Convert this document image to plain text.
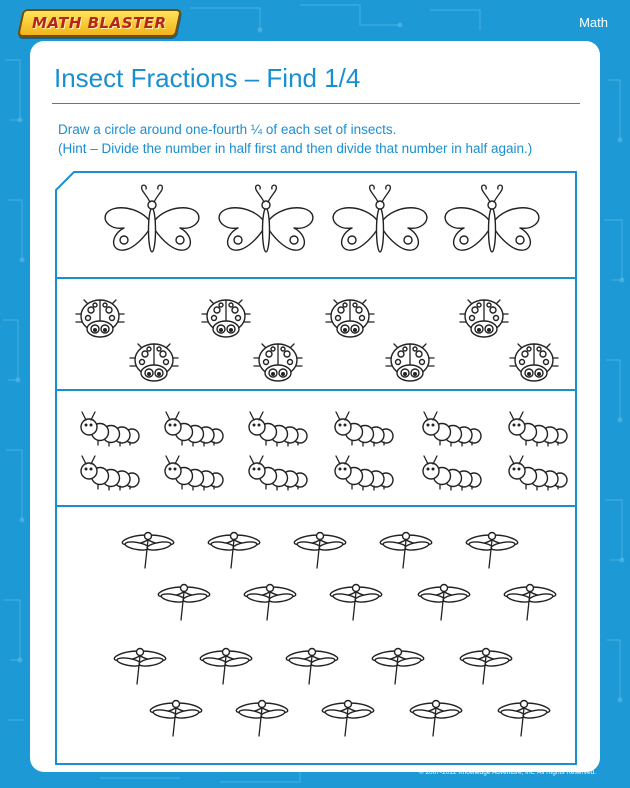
MATH BLASTER	Math
Insect Fractions – Find 1/4
Draw a circle around one-fourth ¼ of each set of insects.
(Hint – Divide the number in half first and then divide that number in half again.)
© 2007-2012 Knowledge Adventure, Inc. All Rights Reserved.
